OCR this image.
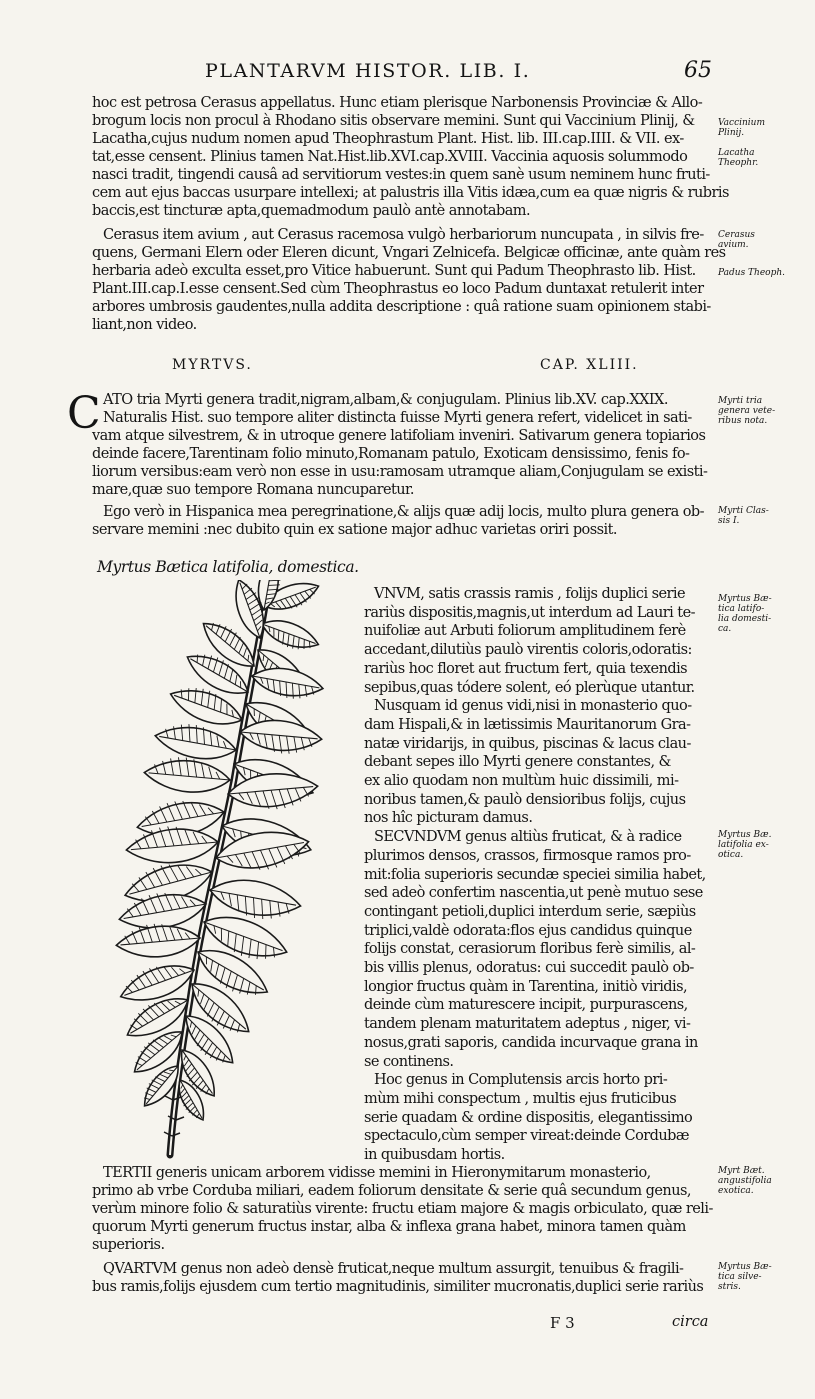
PLANTARVM HISTOR. LIB. I.	65
hoc est petrosa Cerasus appellatus. Hunc etiam plerisque Narbonensis Provinciæ & Allo-
brogum locis non procul à Rhodano sitis observare memini. Sunt qui Vaccinium Plinij, &
Lacatha,cujus nudum nomen apud Theophrastum Plant. Hist. lib. III.cap.IIII. & VII. ex-
tat,esse censent. Plinius tamen Nat.Hist.lib.XVI.cap.XVIII. Vaccinia aquosis solummodo
nasci tradit, tingendi causâ ad servitiorum vestes:in quem sanè usum neminem hunc fruti-
cem aut ejus baccas usurpare intellexi; at palustris illa Vitis idæa,cum ea quæ nigris & rubris
baccis,est tincturæ apta,quemadmodum paulò antè annotabam.
Cerasus item avium , aut Cerasus racemosa vulgò herbariorum nuncupata , in silvis fre-
quens, Germani Elern oder Eleren dicunt, Vngari Zelnicefa. Belgicæ officinæ, ante quàm res
herbaria adeò exculta esset,pro Vitice habuerunt. Sunt qui Padum Theophrasto lib. Hist.
Plant.III.cap.I.esse censent.Sed cùm Theophrastus eo loco Padum duntaxat retulerit inter
arbores umbrosis gaudentes,nulla addita descriptione : quâ ratione suam opinionem stabi-
liant,non video.
MYRTVS.	CAP. XLIII.
C ATO tria Myrti genera tradit,nigram,albam,& conjugulam. Plinius lib.XV. cap.XXIX.
Naturalis Hist. suo tempore aliter distincta fuisse Myrti genera refert, videlicet in sati-
vam atque silvestrem, & in utroque genere latifoliam inveniri. Sativarum genera topiarios
deinde facere,Tarentinam folio minuto,Romanam patulo, Exoticam densissimo, fenis fo-
liorum versibus:eam verò non esse in usu:ramosam utramque aliam,Conjugulam se existi-
mare,quæ suo tempore Romana nuncuparetur.
Ego verò in Hispanica mea peregrinatione,& alijs quæ adij locis, multo plura genera ob-
servare memini :nec dubito quin ex satione major adhuc varietas oriri possit.
Myrtus Bætica latifolia, domestica.
VNVM, satis crassis ramis , folijs duplici serie
rariùs dispositis,magnis,ut interdum ad Lauri te-
nuifoliæ aut Arbuti foliorum amplitudinem ferè
accedant,dilutiùs paulò virentis coloris,odoratis:
rariùs hoc floret aut fructum fert, quia texendis
sepibus,quas tódere solent, eó plerùque utantur.
Nusquam id genus vidi,nisi in monasterio quo-
dam Hispali,& in lætissimis Mauritanorum Gra-
natæ viridarijs, in quibus, piscinas & lacus clau-
debant sepes illo Myrti genere constantes, &
ex alio quodam non multùm huic dissimili, mi-
noribus tamen,& paulò densioribus folijs, cujus
nos hîc picturam damus.
SECVNDVM genus altiùs fruticat, & à radice
plurimos densos, crassos, firmosque ramos pro-
mit:folia superioris secundæ speciei similia habet,
sed adeò confertim nascentia,ut penè mutuo sese
contingant petioli,duplici interdum serie, sæpiùs
triplici,valdè odorata:flos ejus candidus quinque
folijs constat, cerasiorum floribus ferè similis, al-
bis villis plenus, odoratus: cui succedit paulò ob-
longior fructus quàm in Tarentina, initiò viridis,
deinde cùm maturescere incipit, purpurascens,
tandem plenam maturitatem adeptus , niger, vi-
nosus,grati saporis, candida incurvaque grana in
se continens.
Hoc genus in Complutensis arcis horto pri-
mùm mihi conspectum , multis ejus fruticibus
serie quadam & ordine dispositis, elegantissimo
spectaculo,cùm semper vireat:deinde Cordubæ
in quibusdam hortis.
TERTII generis unicam arborem vidisse memini in Hieronymitarum monasterio,
primo ab vrbe Corduba miliari, eadem foliorum densitate & serie quâ secundum genus,
verùm minore folio & saturatiùs virente: fructu etiam majore & magis orbiculato, quæ reli-
quorum Myrti generum fructus instar, alba & inflexa grana habet, minora tamen quàm
superioris.
QVARTVM genus non adeò densè fruticat,neque multum assurgit, tenuibus & fragili-
bus ramis,folijs ejusdem cum tertio magnitudinis, similiter mucronatis,duplici serie rariùs
F 3	circa
Vaccinium
Plinij.
Lacatha
Theophr.
Cerasus
avium.
Padus Theoph.
Myrti tria
genera vete-
ribus nota.
Myrti Clas-
sis I.
Myrtus Bæ-
tica latifo-
lia domesti-
ca.
Myrtus Bæ.
latifolia ex-
otica.
Myrt Bæt.
angustifolia
exotica.
Myrtus Bæ-
tica silve-
stris.
